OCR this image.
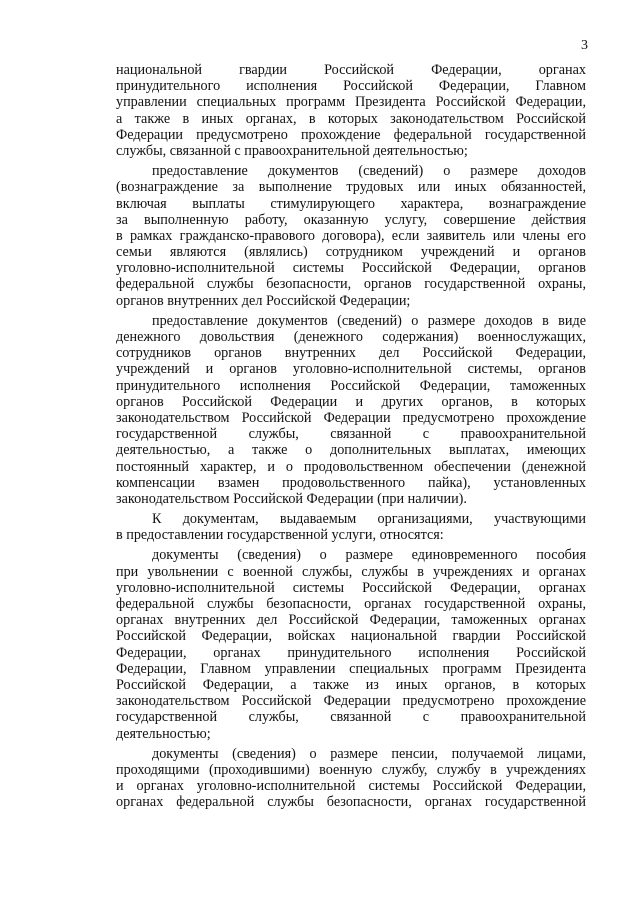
3
национальной гвардии Российской Федерации, органах
принудительного исполнения Российской Федерации, Главном
управлении специальных программ Президента Российской Федерации,
а также в иных органах, в которых законодательством Российской
Федерации предусмотрено прохождение федеральной государственной
службы, связанной с правоохранительной деятельностью;
предоставление документов (сведений) о размере доходов
(вознаграждение за выполнение трудовых или иных обязанностей,
включая выплаты стимулирующего характера, вознаграждение
за выполненную работу, оказанную услугу, совершение действия
в рамках гражданско-правового договора), если заявитель или члены его
семьи являются (являлись) сотрудником учреждений и органов
уголовно-исполнительной системы Российской Федерации, органов
федеральной службы безопасности, органов государственной охраны,
органов внутренних дел Российской Федерации;
предоставление документов (сведений) о размере доходов в виде
денежного довольствия (денежного содержания) военнослужащих,
сотрудников органов внутренних дел Российской Федерации,
учреждений и органов уголовно-исполнительной системы, органов
принудительного исполнения Российской Федерации, таможенных
органов Российской Федерации и других органов, в которых
законодательством Российской Федерации предусмотрено прохождение
государственной службы, связанной с правоохранительной
деятельностью, а также о дополнительных выплатах, имеющих
постоянный характер, и о продовольственном обеспечении (денежной
компенсации взамен продовольственного пайка), установленных
законодательством Российской Федерации (при наличии).
К документам, выдаваемым организациями, участвующими
в предоставлении государственной услуги, относятся:
документы (сведения) о размере единовременного пособия
при увольнении с военной службы, службы в учреждениях и органах
уголовно-исполнительной системы Российской Федерации, органах
федеральной службы безопасности, органах государственной охраны,
органах внутренних дел Российской Федерации, таможенных органах
Российской Федерации, войсках национальной гвардии Российской
Федерации, органах принудительного исполнения Российской
Федерации, Главном управлении специальных программ Президента
Российской Федерации, а также из иных органов, в которых
законодательством Российской Федерации предусмотрено прохождение
государственной службы, связанной с правоохранительной
деятельностью;
документы (сведения) о размере пенсии, получаемой лицами,
проходящими (проходившими) военную службу, службу в учреждениях
и органах уголовно-исполнительной системы Российской Федерации,
органах федеральной службы безопасности, органах государственной
